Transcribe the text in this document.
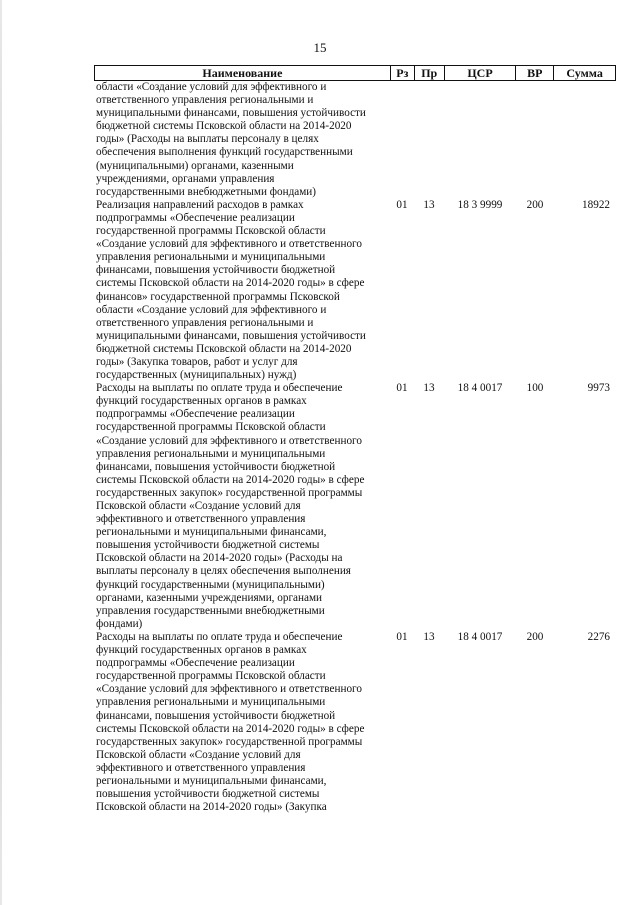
15
Наименование	Рз	Пр	ЦСР	ВР	Сумма
области «Создание условий для эффективного и
ответственного управления региональными и
муниципальными финансами, повышения устойчивости
бюджетной системы Псковской области на 2014-2020
годы» (Расходы на выплаты персоналу в целях
обеспечения выполнения функций государственными
(муниципальными) органами, казенными
учреждениями, органами управления
государственными внебюджетными фондами)
Реализация направлений расходов в рамках
подпрограммы «Обеспечение реализации
государственной программы Псковской области
«Создание условий для эффективного и ответственного
управления региональными и муниципальными
финансами, повышения устойчивости бюджетной
системы Псковской области на 2014-2020 годы» в сфере
финансов» государственной программы Псковской
области «Создание условий для эффективного и
ответственного управления региональными и
муниципальными финансами, повышения устойчивости
бюджетной системы Псковской области на 2014-2020
годы» (Закупка товаров, работ и услуг для
государственных (муниципальных) нужд)
01	13	18 3 9999	200	18922
Расходы на выплаты по оплате труда и обеспечение
функций государственных органов в рамках
подпрограммы «Обеспечение реализации
государственной программы Псковской области
«Создание условий для эффективного и ответственного
управления региональными и муниципальными
финансами, повышения устойчивости бюджетной
системы Псковской области на 2014-2020 годы» в сфере
государственных закупок» государственной программы
Псковской области «Создание условий для
эффективного и ответственного управления
региональными и муниципальными финансами,
повышения устойчивости бюджетной системы
Псковской области на 2014-2020 годы» (Расходы на
выплаты персоналу в целях обеспечения выполнения
функций государственными (муниципальными)
органами, казенными учреждениями, органами
управления государственными внебюджетными
фондами)
01	13	18 4 0017	100	9973
Расходы на выплаты по оплате труда и обеспечение
функций государственных органов в рамках
подпрограммы «Обеспечение реализации
государственной программы Псковской области
«Создание условий для эффективного и ответственного
управления региональными и муниципальными
финансами, повышения устойчивости бюджетной
системы Псковской области на 2014-2020 годы» в сфере
государственных закупок» государственной программы
Псковской области «Создание условий для
эффективного и ответственного управления
региональными и муниципальными финансами,
повышения устойчивости бюджетной системы
Псковской области на 2014-2020 годы» (Закупка
01	13	18 4 0017	200	2276
